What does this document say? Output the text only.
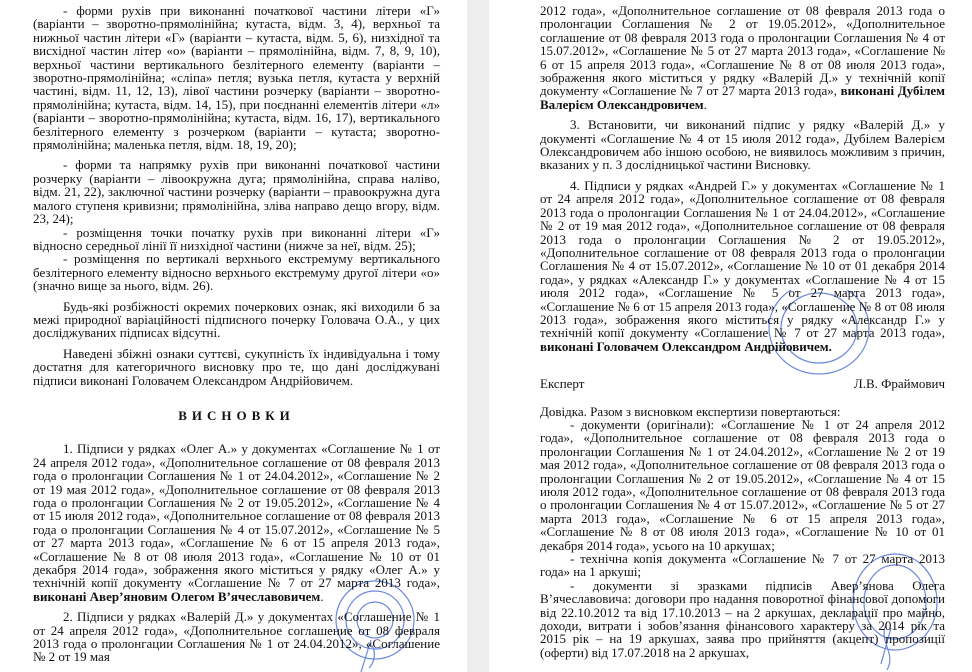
- форми рухів при виконанні початкової частини літери «Г» (варіанти – зворотно-прямолінійна; кутаста, відм. 3, 4), верхньої та нижньої частин літери «Г» (варіанти – кутаста, відм. 5, 6), низхідної та висхідної частин літер «о» (варіанти – прямолінійна, відм. 7, 8, 9, 10), верхньої частини вертикального безлітерного елементу (варіанти – зворотно-прямолінійна; «сліпа» петля; вузька петля, кутаста у верхній частині, відм. 11, 12, 13), лівої частини розчерку (варіанти – зворотно-прямолінійна; кутаста, відм. 14, 15), при поєднанні елементів літери «л» (варіанти – зворотно-прямолінійна; кутаста, відм. 16, 17), вертикального безлітерного елементу з розчерком (варіанти – кутаста; зворотно-прямолінійна; маленька петля, відм. 18, 19, 20);

- форми та напрямку рухів при виконанні початкової частини розчерку (варіанти – лівоокружна дуга; прямолінійна, справа наліво, відм. 21, 22), заключної частини розчерку (варіанти – правоокружна дуга малого ступеня кривизни; прямолінійна, зліва направо дещо вгору, відм. 23, 24);

- розміщення точки початку рухів при виконанні літери «Г» відносно середньої лінії її низхідної частини (нижче за неї, відм. 25);

- розміщення по вертикалі верхнього екстремуму вертикального безлітерного елементу відносно верхнього екстремуму другої літери «о» (значно вище за нього, відм. 26).

Будь-які розбіжності окремих почеркових ознак, які виходили б за межі природної варіаційності підписного почерку Головача О.А., у цих досліджуваних підписах відсутні.

Наведені збіжні ознаки суттєві, сукупність їх індивідуальна і тому достатня для категоричного висновку про те, що дані досліджувані підписи виконані Головачем Олександром Андрійовичем.

ВИСНОВКИ

1. Підписи у рядках «Олег А.» у документах «Соглашение № 1 от 24 апреля 2012 года», «Дополнительное соглашение от 08 февраля 2013 года о пролонгации Соглашения № 1 от 24.04.2012», «Соглашение № 2 от 19 мая 2012 года», «Дополнительное соглашение от 08 февраля 2013 года о пролонгации Соглашения № 2 от 19.05.2012», «Соглашение № 4 от 15 июля 2012 года», «Дополнительное соглашение от 08 февраля 2013 года о пролонгации Соглашения № 4 от 15.07.2012», «Соглашение № 5 от 27 марта 2013 года», «Соглашение № 6 от 15 апреля 2013 года», «Соглашение № 8 от 08 июля 2013 года», «Соглашение № 10 от 01 декабря 2014 года», зображення якого міститься у рядку «Олег А.» у технічній копії документу «Соглашение № 7 от 27 марта 2013 года», виконані Авер’яновим Олегом В’ячеславовичем.

2. Підписи у рядках «Валерій Д.» у документах «Соглашение № 1 от 24 апреля 2012 года», «Дополнительное соглашение от 08 февраля 2013 года о пролонгации Соглашения № 1 от 24.04.2012», «Соглашение № 2 от 19 мая

2012 года», «Дополнительное соглашение от 08 февраля 2013 года о пролонгации Соглашения № 2 от 19.05.2012», «Дополнительное соглашение от 08 февраля 2013 года о пролонгации Соглашения № 4 от 15.07.2012», «Соглашение № 5 от 27 марта 2013 года», «Соглашение № 6 от 15 апреля 2013 года», «Соглашение № 8 от 08 июля 2013 года», зображення якого міститься у рядку «Валерій Д.» у технічній копії документу «Соглашение № 7 от 27 марта 2013 года», виконані Дубілем Валерієм Олександровичем.

3. Встановити, чи виконаний підпис у рядку «Валерій Д.» у документі «Соглашение № 4 от 15 июля 2012 года», Дубілем Валерієм Олександровичем або іншою особою, не виявилось можливим з причин, вказаних у п. 3 дослідницької частини Висновку.

4. Підписи у рядках «Андрей Г.» у документах «Соглашение № 1 от 24 апреля 2012 года», «Дополнительное соглашение от 08 февраля 2013 года о пролонгации Соглашения № 1 от 24.04.2012», «Соглашение № 2 от 19 мая 2012 года», «Дополнительное соглашение от 08 февраля 2013 года о пролонгации Соглашения № 2 от 19.05.2012», «Дополнительное соглашение от 08 февраля 2013 года о пролонгации Соглашения № 4 от 15.07.2012», «Соглашение № 10 от 01 декабря 2014 года», у рядках «Александр Г.» у документах «Соглашение № 4 от 15 июля 2012 года», «Соглашение № 5 от 27 марта 2013 года», «Соглашение № 6 от 15 апреля 2013 года», «Соглашение № 8 от 08 июля 2013 года», зображення якого міститься у рядку «Александр Г.» у технічній копії документу «Соглашение № 7 от 27 марта 2013 года», виконані Головачем Олександром Андрійовичем.

Експерт	Л.В. Фраймович

Довідка. Разом з висновком експертизи повертаються:

- документи (оригінали): «Соглашение № 1 от 24 апреля 2012 года», «Дополнительное соглашение от 08 февраля 2013 года о пролонгации Соглашения № 1 от 24.04.2012», «Соглашение № 2 от 19 мая 2012 года», «Дополнительное соглашение от 08 февраля 2013 года о пролонгации Соглашения № 2 от 19.05.2012», «Соглашение № 4 от 15 июля 2012 года», «Дополнительное соглашение от 08 февраля 2013 года о пролонгации Соглашения № 4 от 15.07.2012», «Соглашение № 5 от 27 марта 2013 года», «Соглашение № 6 от 15 апреля 2013 года», «Соглашение № 8 от 08 июля 2013 года», «Соглашение № 10 от 01 декабря 2014 года», усього на 10 аркушах;

- технічна копія документа «Соглашение № 7 от 27 марта 2013 года» на 1 аркуші;

- документи зі зразками підписів Авер’янова Олега В’ячеславовича: договори про надання поворотної фінансової допомоги від 22.10.2012 та від 17.10.2013 – на 2 аркушах, декларації про майно, доходи, витрати і зобов’язання фінансового характеру за 2014 рік та 2015 рік – на 19 аркушах, заява про прийняття (акцепт) пропозиції (оферти) від 17.07.2018 на 2 аркушах,
